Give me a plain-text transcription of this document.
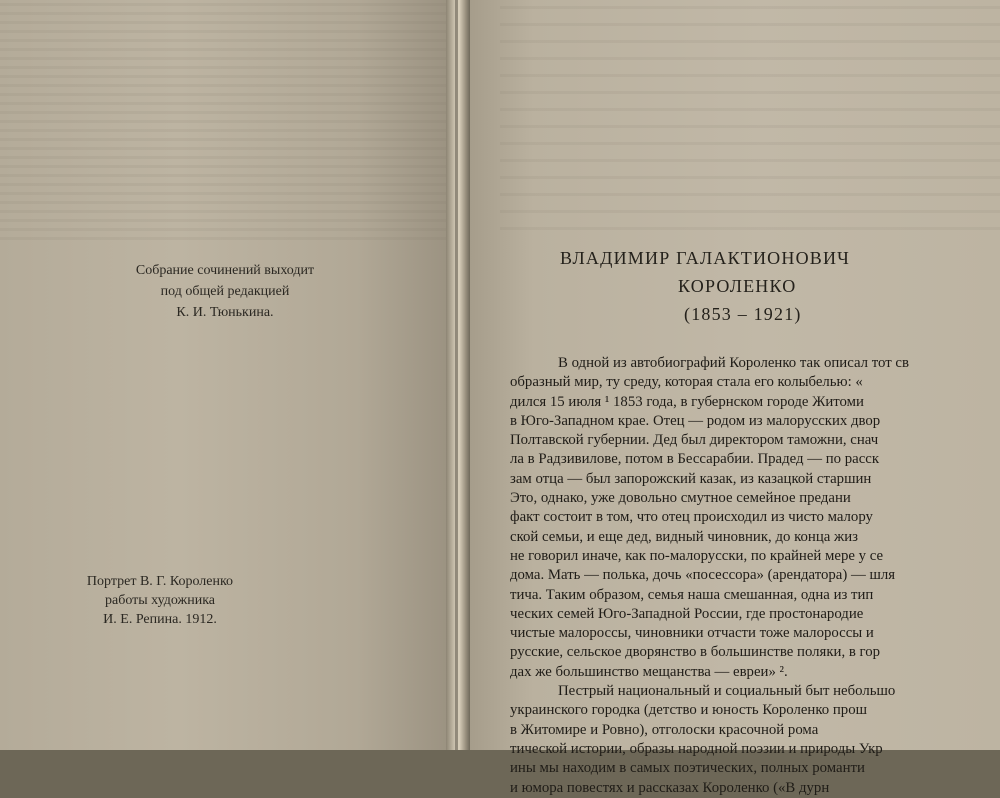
Собрание сочинений выходит
под общей редакцией
К. И. Тюнькина.
Портрет В. Г. Короленко
работы художника
И. Е. Репина. 1912.
ВЛАДИМИР ГАЛАКТИОНОВИЧ
КОРОЛЕНКО
(1853 – 1921)
В одной из автобиографий Короленко так описал тот св
образный мир, ту среду, которая стала его колыбелью: «
дился 15 июля ¹ 1853 года, в губернском городе Житоми
в Юго-Западном крае. Отец — родом из малорусских двор
Полтавской губернии. Дед был директором таможни, снач
ла в Радзивилове, потом в Бессарабии. Прадед — по расск
зам отца — был запорожский казак, из казацкой старшин
Это, однако, уже довольно смутное семейное предани
факт состоит в том, что отец происходил из чисто малору
ской семьи, и еще дед, видный чиновник, до конца жиз
не говорил иначе, как по-малорусски, по крайней мере у се
дома. Мать — полька, дочь «посессора» (арендатора) — шля
тича. Таким образом, семья наша смешанная, одна из тип
ческих семей Юго-Западной России, где простонародие
чистые малороссы, чиновники отчасти тоже малороссы и
русские, сельское дворянство в большинстве поляки, в гор
дах же большинство мещанства — евреи» ².
Пестрый национальный и социальный быт небольшо
украинского городка (детство и юность Короленко прош
в Житомире и Ровно), отголоски красочной рома
тической истории, образы народной поэзии и природы Укр
ины мы находим в самых поэтических, полных романти
и юмора повестях и рассказах Короленко («В дурн
